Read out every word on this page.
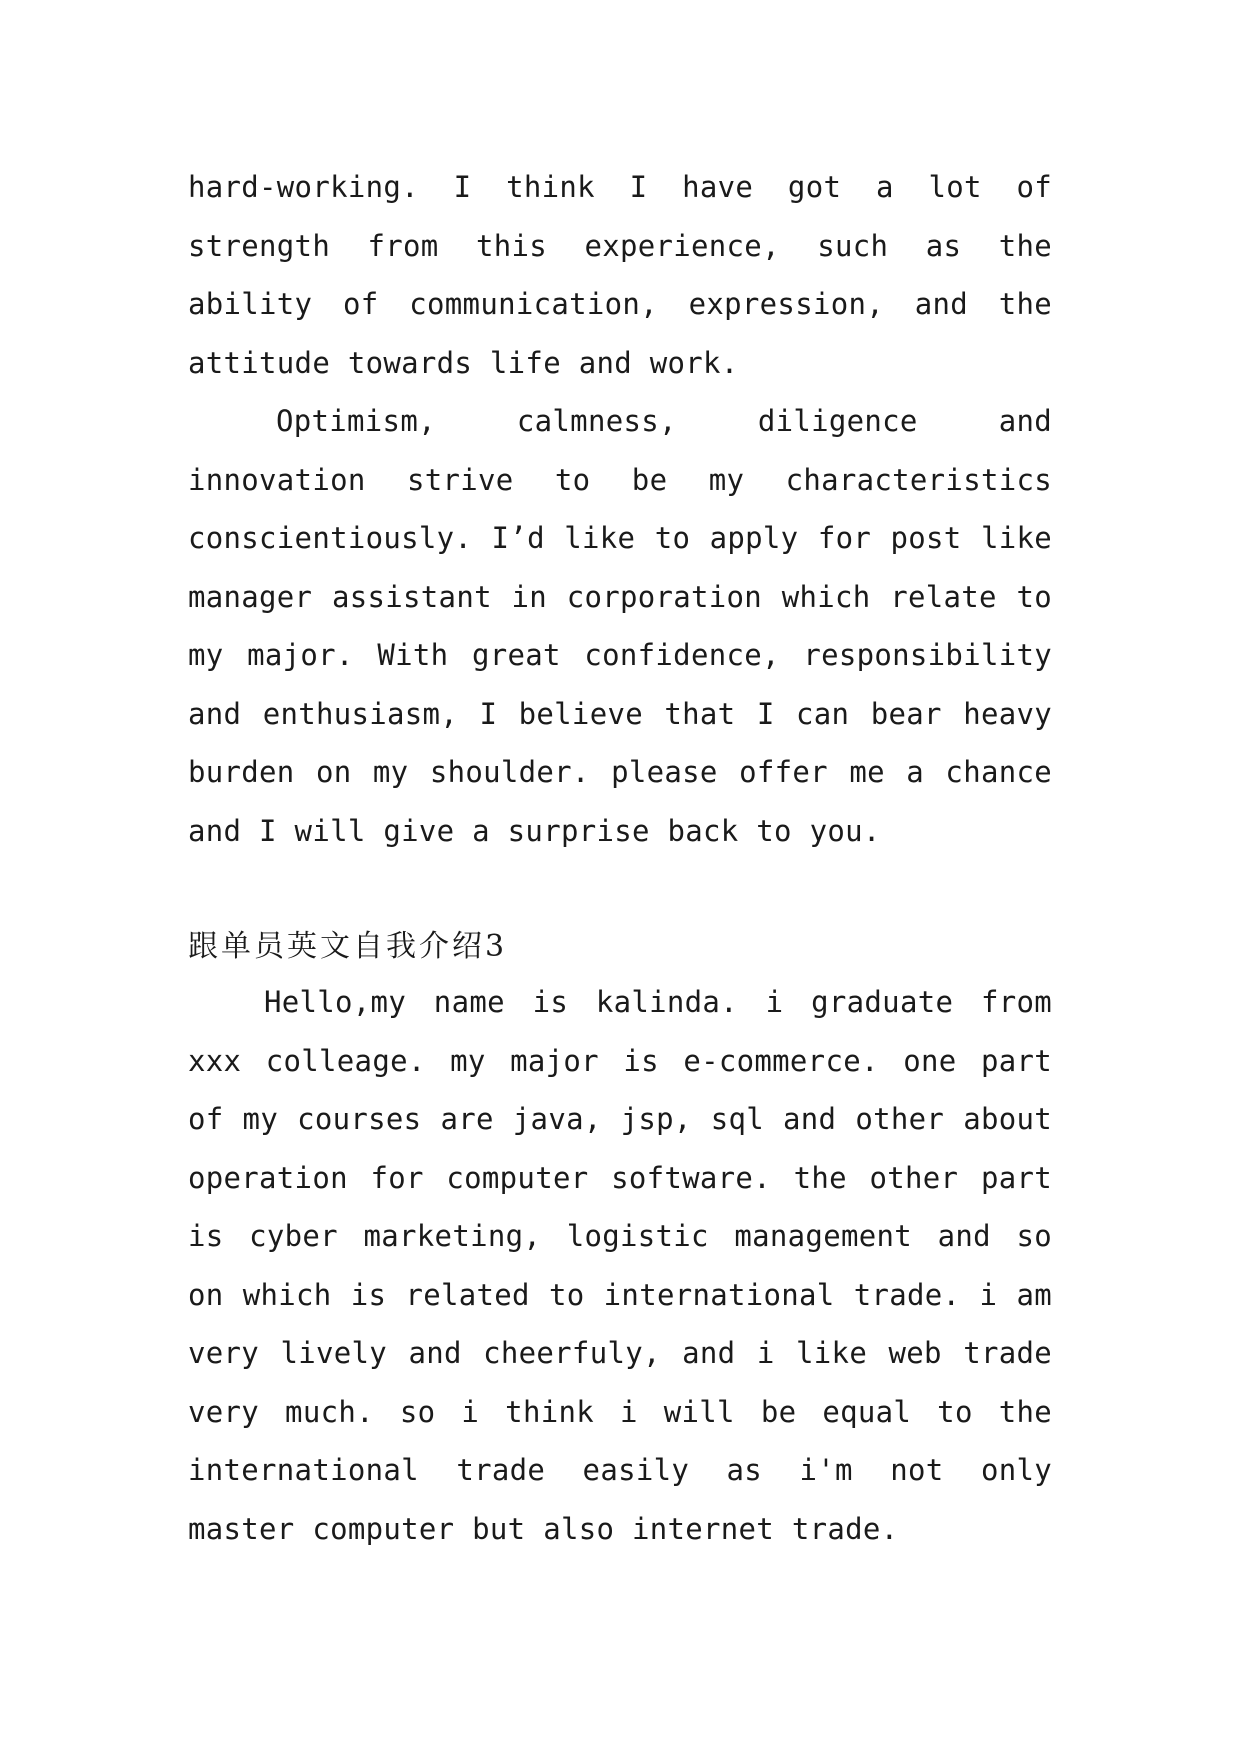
hard-working. I think I have got a lot of strength from this experience, such as the ability of communication, expression, and the attitude towards life and work.

Optimism, calmness, diligence and innovation strive to be my characteristics conscientiously. I’d like to apply for post like manager assistant in corporation which relate to my major. With great confidence, responsibility and enthusiasm, I believe that I can bear heavy burden on my shoulder. please offer me a chance and I will give a surprise back to you.

跟单员英文自我介绍3

Hello,my name is kalinda. i graduate from xxx colleage. my major is e-commerce. one part of my courses are java, jsp, sql and other about operation for computer software. the other part is cyber marketing, logistic management and so on which is related to international trade. i am very lively and cheerfuly, and i like web trade very much. so i think i will be equal to the international trade easily as i'm not only master computer but also internet trade.
